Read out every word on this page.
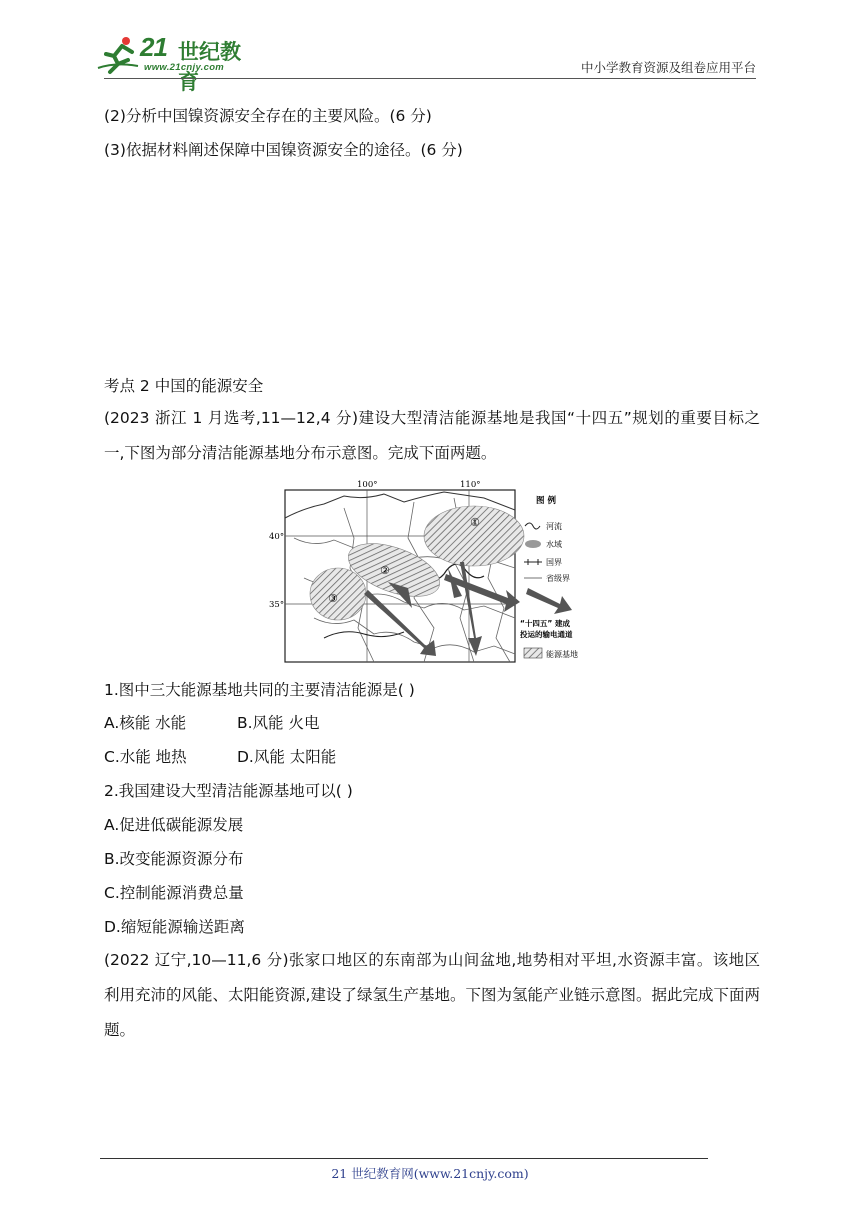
21 世纪教育
www.21cnjy.com	中小学教育资源及组卷应用平台
(2)分析中国镍资源安全存在的主要风险。(6 分)
(3)依据材料阐述保障中国镍资源安全的途径。(6 分)
考点 2 中国的能源安全
(2023 浙江 1 月选考,11—12,4 分)建设大型清洁能源基地是我国“十四五”规划的重要目标之一,下图为部分清洁能源基地分布示意图。完成下面两题。
100°	110°
40°
35°
①
②
③
图 例
河流
水域
国界
省级界
“十四五” 建成
投运的输电通道
能源基地
1.图中三大能源基地共同的主要清洁能源是( )
A.核能 水能	B.风能 火电
C.水能 地热	D.风能 太阳能
2.我国建设大型清洁能源基地可以( )
A.促进低碳能源发展
B.改变能源资源分布
C.控制能源消费总量
D.缩短能源输送距离
(2022 辽宁,10—11,6 分)张家口地区的东南部为山间盆地,地势相对平坦,水资源丰富。该地区利用充沛的风能、太阳能资源,建设了绿氢生产基地。下图为氢能产业链示意图。据此完成下面两题。
21 世纪教育网(www.21cnjy.com)
